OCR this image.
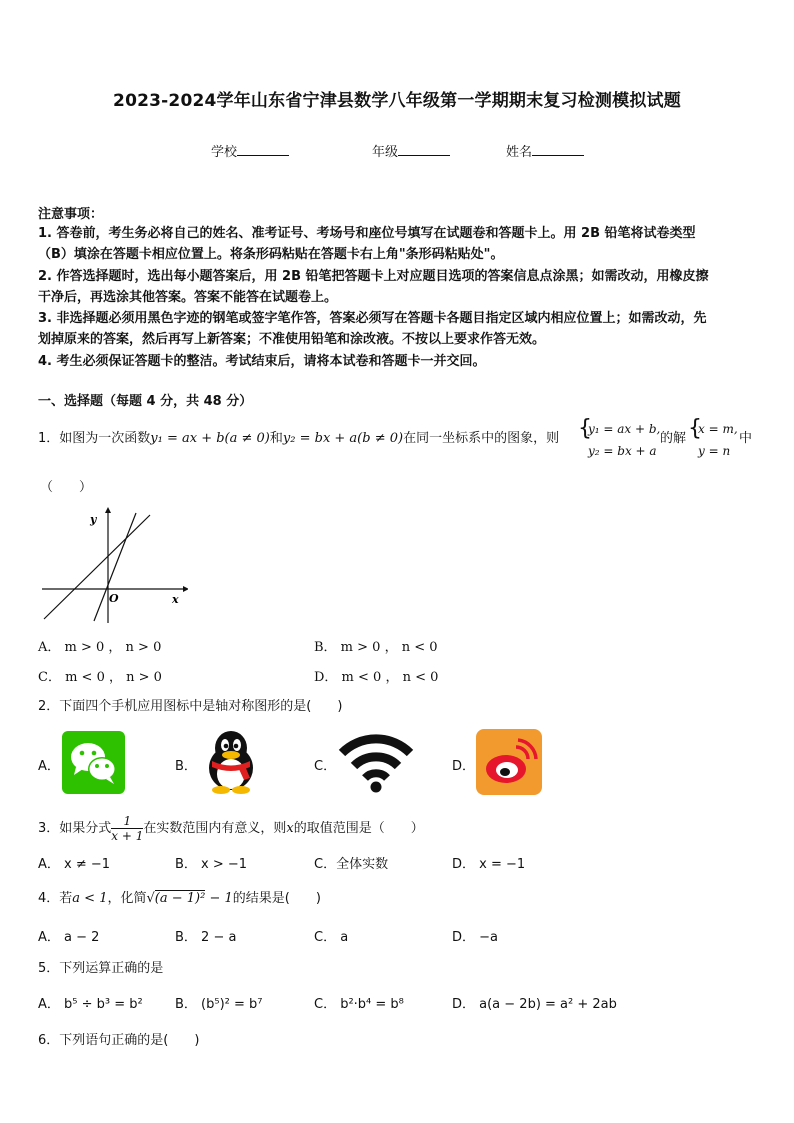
2023-2024学年山东省宁津县数学八年级第一学期期末复习检测模拟试题
学校	年级	姓名
注意事项：
1. 答卷前，考生务必将自己的姓名、准考证号、考场号和座位号填写在试题卷和答题卡上。用 2B 铅笔将试卷类型
（B）填涂在答题卡相应位置上。将条形码粘贴在答题卡右上角"条形码粘贴处"。
2. 作答选择题时，选出每小题答案后，用 2B 铅笔把答题卡上对应题目选项的答案信息点涂黑；如需改动，用橡皮擦
干净后，再选涂其他答案。答案不能答在试题卷上。
3. 非选择题必须用黑色字迹的钢笔或签字笔作答，答案必须写在答题卡各题目指定区域内相应位置上；如需改动，先
划掉原来的答案，然后再写上新答案；不准使用铅笔和涂改液。不按以上要求作答无效。
4. 考生必须保证答题卡的整洁。考试结束后，请将本试卷和答题卡一并交回。
一、选择题（每题 4 分，共 48 分）
1．如图为一次函数y₁ = ax + b(a ≠ 0)和y₂ = bx + a(b ≠ 0)在同一坐标系中的图象，则 {
y₁ = ax + b,
y₂ = bx + a
的解 {
x = m,
y = n
中
（　　）
y
x
O
A． m > 0 ， n > 0	B． m > 0 ， n < 0
C． m < 0 ， n > 0	D． m < 0 ， n < 0
2．下面四个手机应用图标中是轴对称图形的是(　　)
A．	B．	C．	D．
3．如果分式 $\frac{1}{x + 1}$ 在实数范围内有意义，则x的取值范围是（　　）
A． x ≠ −1	B． x > −1	C．全体实数	D． x = −1
4．若a < 1，化简√(a − 1)² − 1的结果是(　　)
A． a − 2	B． 2 − a	C． a	D． −a
5．下列运算正确的是
A． b⁵ ÷ b³ = b² B． (b⁵)² = b⁷	C． b²·b⁴ = b⁸	D． a(a − 2b) = a² + 2ab
6．下列语句正确的是(　　)
